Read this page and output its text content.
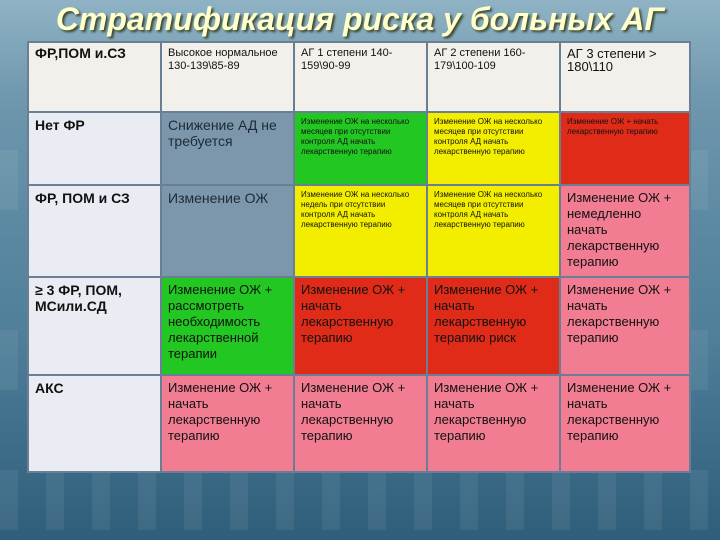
Стратификация риска у больных АГ
ФР,ПОМ и.СЗ	Высокое нормальное 130-139\85-89	АГ 1 степени 140-159\90-99	АГ 2 степени 160-179\100-109	АГ 3 степени > 180\110
Нет ФР	Снижение АД не требуется	Изменение ОЖ на несколько месяцев при отсутствии контроля АД начать лекарственную терапию	Изменение ОЖ на несколько месяцев при отсутствии контроля АД начать лекарственную терапию	Изменение ОЖ + начать лекарственную терапию
ФР, ПОМ и СЗ	Изменение ОЖ	Изменение ОЖ на несколько недель при отсутствии контроля АД начать лекарственную терапию	Изменение ОЖ на несколько месяцев при отсутствии контроля АД начать лекарственную терапию	Изменение ОЖ + немедленно начать лекарственную терапию
≥ 3 ФР, ПОМ, МСили.СД	Изменение ОЖ + рассмотреть необходимость лекарственной терапии	Изменение ОЖ + начать лекарственную терапию	Изменение ОЖ + начать лекарственную терапию риск	Изменение ОЖ + начать лекарственную терапию
АКС	Изменение ОЖ + начать лекарственную терапию	Изменение ОЖ + начать лекарственную терапию	Изменение ОЖ + начать лекарственную терапию	Изменение ОЖ + начать лекарственную терапию
